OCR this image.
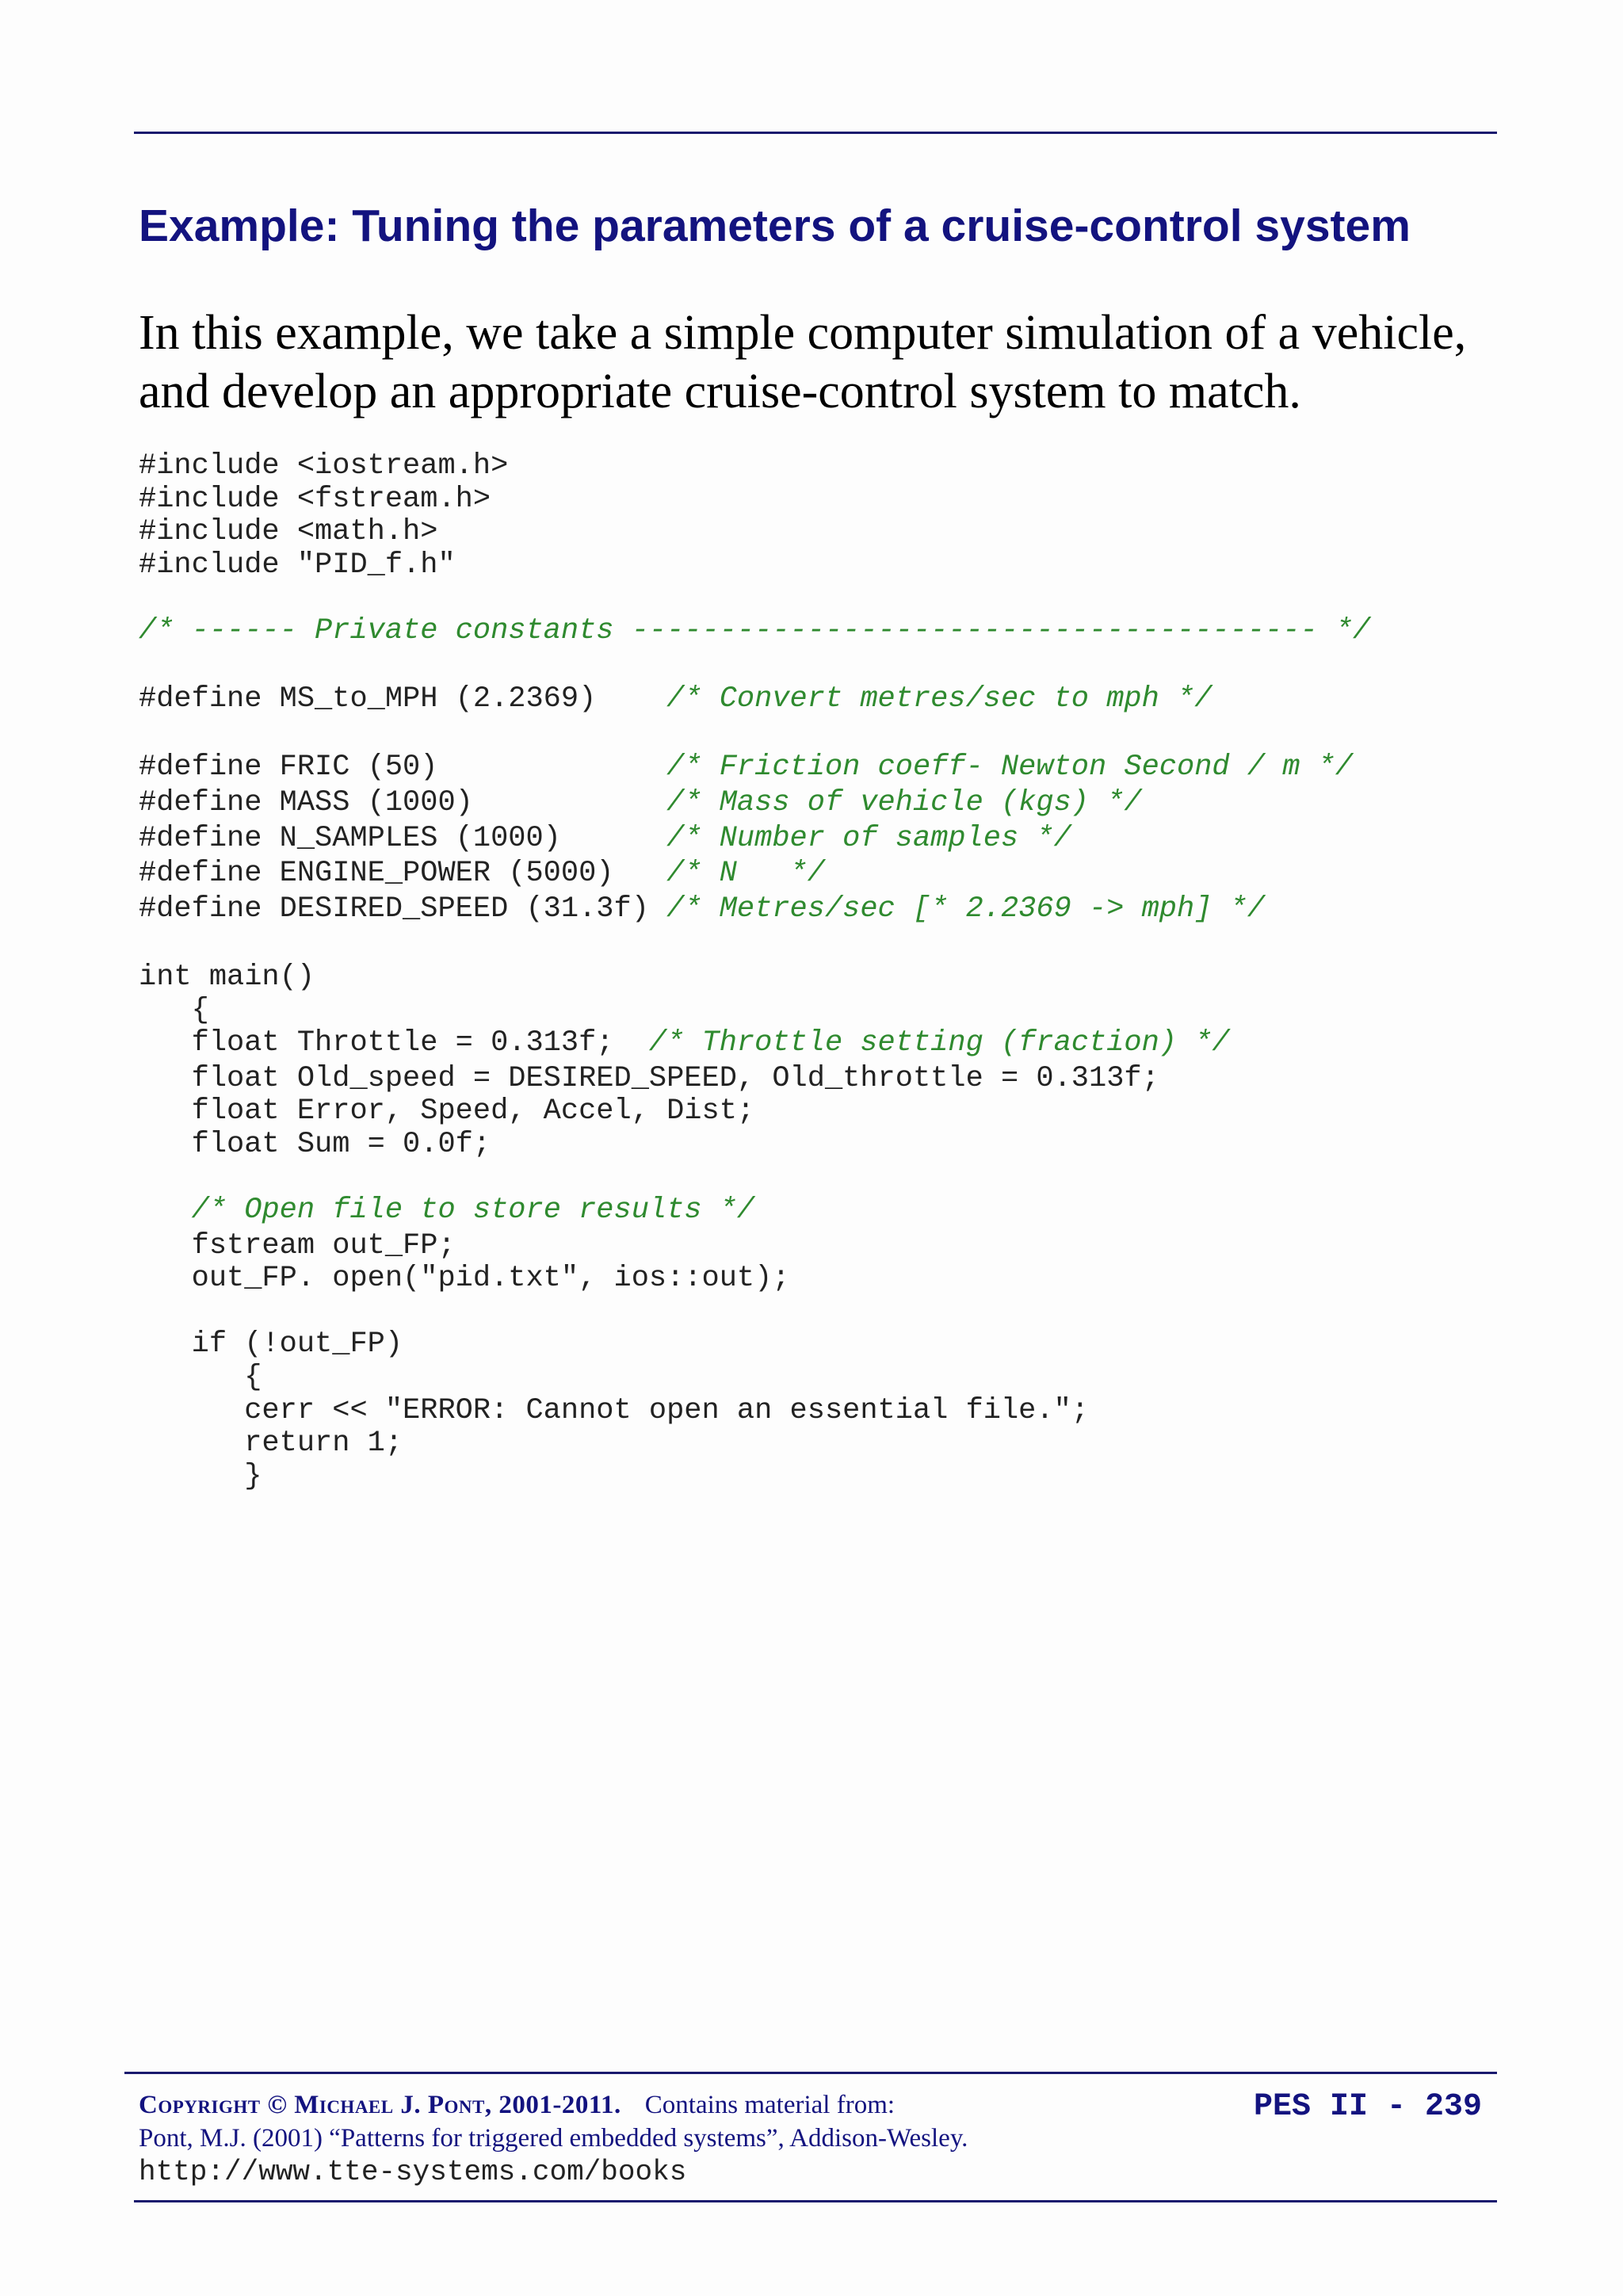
Example: Tuning the parameters of a cruise-control system

In this example, we take a simple computer simulation of a vehicle, and develop an appropriate cruise-control system to match.

#include <iostream.h>
#include <fstream.h>
#include <math.h>
#include "PID_f.h"
/* ------ Private constants --------------------------------------- */
#define MS_to_MPH (2.2369)    /* Convert metres/sec to mph */
#define FRIC (50)             /* Friction coeff- Newton Second / m */
#define MASS (1000)           /* Mass of vehicle (kgs) */
#define N_SAMPLES (1000)      /* Number of samples */
#define ENGINE_POWER (5000)   /* N   */
#define DESIRED_SPEED (31.3f) /* Metres/sec [* 2.2369 -> mph] */
int main()
{
float Throttle = 0.313f;  /* Throttle setting (fraction) */
float Old_speed = DESIRED_SPEED, Old_throttle = 0.313f;
float Error, Speed, Accel, Dist;
float Sum = 0.0f;
/* Open file to store results */
fstream out_FP;
out_FP. open("pid.txt", ios::out);
if (!out_FP)
{
cerr << "ERROR: Cannot open an essential file.";
return 1;
}
Copyright © Michael J. Pont, 2001-2011. Contains material from:
Pont, M.J. (2001) “Patterns for triggered embedded systems”, Addison-Wesley.
http://www.tte-systems.com/books
PES II - 239
